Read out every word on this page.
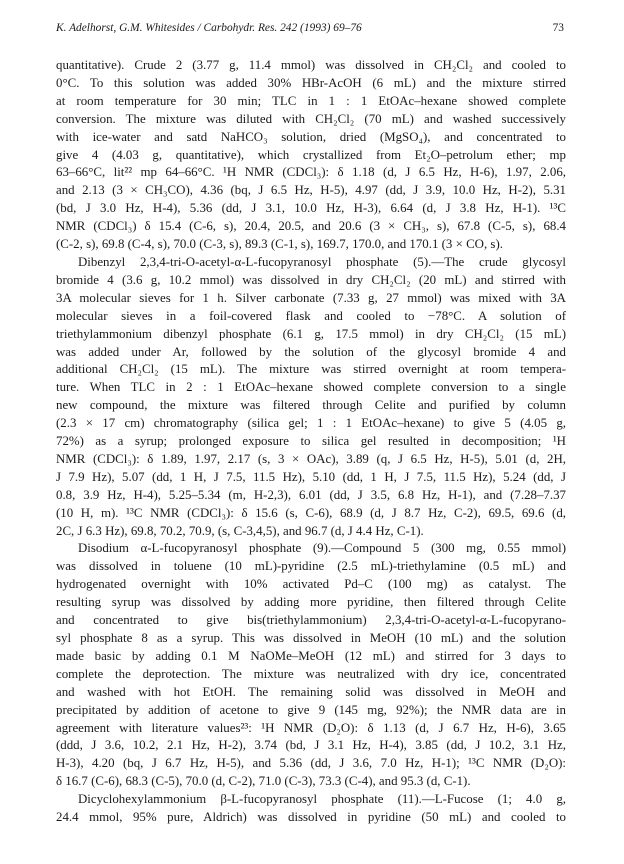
K. Adelhorst, G.M. Whitesides / Carbohydr. Res. 242 (1993) 69–76	73
quantitative). Crude 2 (3.77 g, 11.4 mmol) was dissolved in CH₂Cl₂ and cooled to
0°C. To this solution was added 30% HBr-AcOH (6 mL) and the mixture stirred
at room temperature for 30 min; TLC in 1 : 1 EtOAc–hexane showed complete
conversion. The mixture was diluted with CH₂Cl₂ (70 mL) and washed successively
with ice-water and satd NaHCO₃ solution, dried (MgSO₄), and concentrated to
give 4 (4.03 g, quantitative), which crystallized from Et₂O–petrolum ether; mp
63–66°C, lit²² mp 64–66°C. ¹H NMR (CDCl₃): δ 1.18 (d, J 6.5 Hz, H-6), 1.97, 2.06,
and 2.13 (3 × CH₃CO), 4.36 (bq, J 6.5 Hz, H-5), 4.97 (dd, J 3.9, 10.0 Hz, H-2), 5.31
(bd, J 3.0 Hz, H-4), 5.36 (dd, J 3.1, 10.0 Hz, H-3), 6.64 (d, J 3.8 Hz, H-1). ¹³C
NMR (CDCl₃) δ 15.4 (C-6, s), 20.4, 20.5, and 20.6 (3 × CH₃, s), 67.8 (C-5, s), 68.4
(C-2, s), 69.8 (C-4, s), 70.0 (C-3, s), 89.3 (C-1, s), 169.7, 170.0, and 170.1 (3 × CO, s).
Dibenzyl 2,3,4-tri-O-acetyl-α-L-fucopyranosyl phosphate (5).—The crude glycosyl
bromide 4 (3.6 g, 10.2 mmol) was dissolved in dry CH₂Cl₂ (20 mL) and stirred with
3A molecular sieves for 1 h. Silver carbonate (7.33 g, 27 mmol) was mixed with 3A
molecular sieves in a foil-covered flask and cooled to −78°C. A solution of
triethylammonium dibenzyl phosphate (6.1 g, 17.5 mmol) in dry CH₂Cl₂ (15 mL)
was added under Ar, followed by the solution of the glycosyl bromide 4 and
additional CH₂Cl₂ (15 mL). The mixture was stirred overnight at room tempera-
ture. When TLC in 2 : 1 EtOAc–hexane showed complete conversion to a single
new compound, the mixture was filtered through Celite and purified by column
(2.3 × 17 cm) chromatography (silica gel; 1 : 1 EtOAc–hexane) to give 5 (4.05 g,
72%) as a syrup; prolonged exposure to silica gel resulted in decomposition; ¹H
NMR (CDCl₃): δ 1.89, 1.97, 2.17 (s, 3 × OAc), 3.89 (q, J 6.5 Hz, H-5), 5.01 (d, 2H,
J 7.9 Hz), 5.07 (dd, 1 H, J 7.5, 11.5 Hz), 5.10 (dd, 1 H, J 7.5, 11.5 Hz), 5.24 (dd, J
0.8, 3.9 Hz, H-4), 5.25–5.34 (m, H-2,3), 6.01 (dd, J 3.5, 6.8 Hz, H-1), and (7.28–7.37
(10 H, m). ¹³C NMR (CDCl₃): δ 15.6 (s, C-6), 68.9 (d, J 8.7 Hz, C-2), 69.5, 69.6 (d,
2C, J 6.3 Hz), 69.8, 70.2, 70.9, (s, C-3,4,5), and 96.7 (d, J 4.4 Hz, C-1).
Disodium α-L-fucopyranosyl phosphate (9).—Compound 5 (300 mg, 0.55 mmol)
was dissolved in toluene (10 mL)-pyridine (2.5 mL)-triethylamine (0.5 mL) and
hydrogenated overnight with 10% activated Pd–C (100 mg) as catalyst. The
resulting syrup was dissolved by adding more pyridine, then filtered through Celite
and concentrated to give bis(triethylammonium) 2,3,4-tri-O-acetyl-α-L-fucopyrano-
syl phosphate 8 as a syrup. This was dissolved in MeOH (10 mL) and the solution
made basic by adding 0.1 M NaOMe–MeOH (12 mL) and stirred for 3 days to
complete the deprotection. The mixture was neutralized with dry ice, concentrated
and washed with hot EtOH. The remaining solid was dissolved in MeOH and
precipitated by addition of acetone to give 9 (145 mg, 92%); the NMR data are in
agreement with literature values²³: ¹H NMR (D₂O): δ 1.13 (d, J 6.7 Hz, H-6), 3.65
(ddd, J 3.6, 10.2, 2.1 Hz, H-2), 3.74 (bd, J 3.1 Hz, H-4), 3.85 (dd, J 10.2, 3.1 Hz,
H-3), 4.20 (bq, J 6.7 Hz, H-5), and 5.36 (dd, J 3.6, 7.0 Hz, H-1); ¹³C NMR (D₂O):
δ 16.7 (C-6), 68.3 (C-5), 70.0 (d, C-2), 71.0 (C-3), 73.3 (C-4), and 95.3 (d, C-1).
Dicyclohexylammonium β-L-fucopyranosyl phosphate (11).—L-Fucose (1; 4.0 g,
24.4 mmol, 95% pure, Aldrich) was dissolved in pyridine (50 mL) and cooled to
